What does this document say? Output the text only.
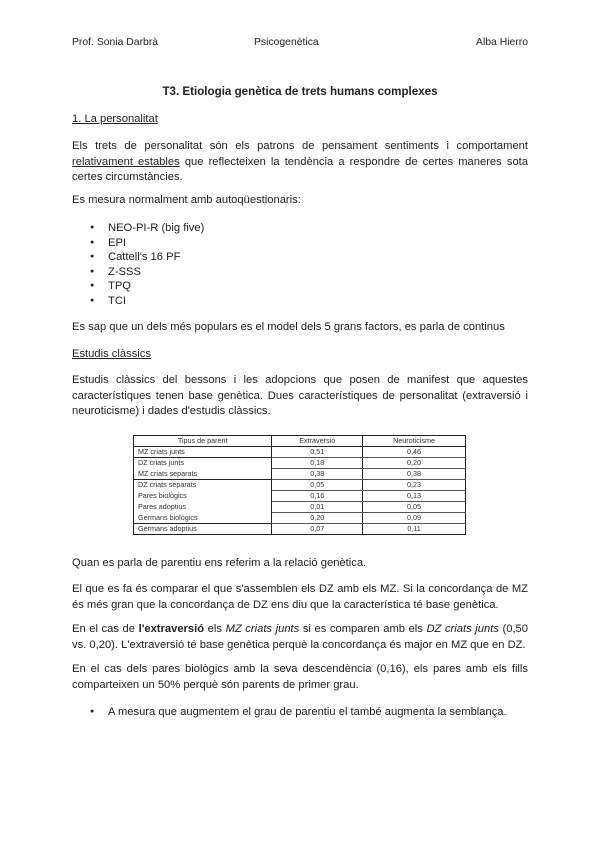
Prof. Sonia Darbrà	Psicogenètica	Alba Hierro
T3. Etiologia genètica de trets humans complexes
1. La personalitat
Els trets de personalitat són els patrons de pensament sentiments i comportament relativament estables que reflecteixen la tendència a respondre de certes maneres sota certes circumstàncies.
Es mesura normalment amb autoqüestionaris:
● NEO-PI-R (big five)
● EPI
● Cattell's 16 PF
● Z-SSS
● TPQ
● TCI
Es sap que un dels més populars es el model dels 5 grans factors, es parla de continus
Estudis clàssics
Estudis clàssics del bessons i les adopcions que posen de manifest que aquestes característiques tenen base genètica. Dues característiques de personalitat (extraversió i neuroticisme) i dades d'estudis clàssics.
Tipus de parent	Extraversió	Neuroticisme
MZ criats junts	0,51	0,46
DZ criats junts	0,18	0,20
MZ criats separats	0,38	0,38
DZ criats separats	0,05	0,23
Pares biològics	0,16	0,13
Pares adoptius	0,01	0,05
Germans biològics	0,20	0,09
Germans adoptius	0,07	0,11
Quan es parla de parentiu ens referim a la relació genètica.
El que es fa és comparar el que s'assemblen els DZ amb els MZ. Si la concordança de MZ és més gran que la concordança de DZ ens diu que la característica té base genètica.
En el cas de l'extraversió els MZ criats junts si es comparen amb els DZ criats junts (0,50 vs. 0,20). L'extraversió té base genètica perquè la concordança és major en MZ que en DZ.
En el cas dels pares biològics amb la seva descendència (0,16), els pares amb els fills comparteixen un 50% perquè són parents de primer grau.
● A mesura que augmentem el grau de parentiu el també augmenta la semblança.
